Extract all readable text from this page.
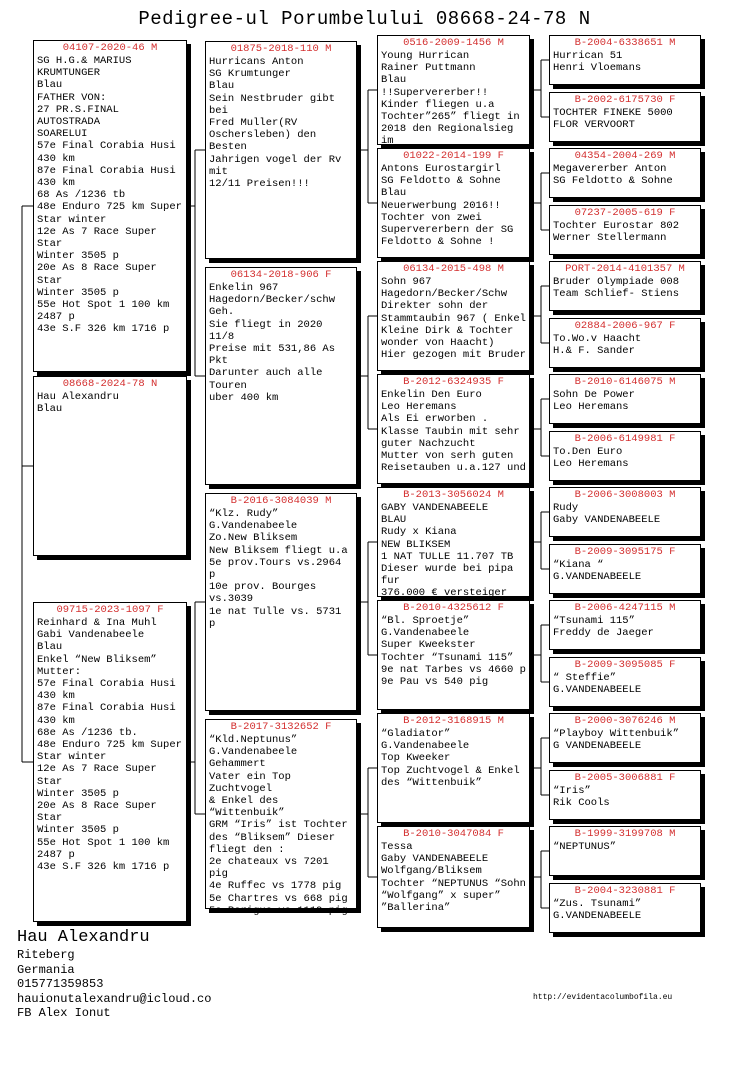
Pedigree-ul Porumbelului 08668-24-78 N
08668-2024-78 N
Hau Alexandru
Blau
04107-2020-46 M
SG H.G.& MARIUS
KRUMTUNGER
Blau
FATHER VON:
27 PR.S.FINAL AUTOSTRADA
SOARELUI
57e Final Corabia Husi
430 km
87e Final Corabia Husi
430 km
68 As /1236 tb
48e Enduro 725 km Super
Star winter
12e As 7 Race Super Star
Winter 3505 p
20e As 8 Race Super Star
Winter 3505 p
55e Hot Spot 1 100 km
2487 p
43e S.F 326 km 1716 p
09715-2023-1097 F
Reinhard & Ina Muhl
Gabi Vandenabeele
Blau
Enkel “New Bliksem”
Mutter:
57e Final Corabia Husi
430 km
87e Final Corabia Husi
430 km
68e As /1236 tb.
48e Enduro 725 km Super
Star winter
12e As 7 Race Super Star
Winter 3505 p
20e As 8 Race Super Star
Winter 3505 p
55e Hot Spot 1 100 km
2487 p
43e S.F 326 km 1716 p
01875-2018-110 M
Hurricans Anton
SG Krumtunger
Blau
Sein Nestbruder gibt bei
Fred Muller(RV
Oschersleben) den Besten
Jahrigen vogel der Rv
mit
12/11 Preisen!!!
06134-2018-906 F
Enkelin 967
Hagedorn/Becker/schw
Geh.
Sie fliegt in 2020 11/8
Preise mit 531,86 As Pkt
Darunter auch alle
Touren
uber 400 km
B-2016-3084039 M
“Klz. Rudy”
G.Vandenabeele
Zo.New Bliksem
New Bliksem fliegt u.a
5e prov.Tours vs.2964 p
10e prov. Bourges
vs.3039
1e nat Tulle vs. 5731 p
B-2017-3132652 F
“Kld.Neptunus”
G.Vandenabeele
Gehammert
Vater ein Top Zuchtvogel
& Enkel des “Wittenbuik”
GRM “Iris” ist Tochter
des “Bliksem” Dieser
fliegt den :
2e chateaux vs 7201 pig
4e Ruffec vs 1778 pig
5e Chartres vs 668 pig
5e Perigue vs 1119 pig
0516-2009-1456 M
Young Hurrican
Rainer Puttmann
Blau
!!Supervererber!!
Kinder fliegen u.a
Tochter”265” fliegt in
2018 den Regionalsieg im
01022-2014-199 F
Antons Eurostargirl
SG Feldotto & Sohne
Blau
Neuerwerbung 2016!!
Tochter von zwei
Supervererbern der SG
Feldotto & Sohne !
06134-2015-498 M
Sohn 967
Hagedorn/Becker/Schw
Direkter sohn der
Stammtaubin 967 ( Enkel
Kleine Dirk & Tochter
wonder von Haacht)
Hier gezogen mit Bruder
B-2012-6324935 F
Enkelin Den Euro
Leo Heremans
Als Ei erworben .
Klasse Taubin mit sehr
guter Nachzucht
Mutter von serh guten
Reisetauben u.a.127 und
B-2013-3056024 M
GABY VANDENABEELE
BLAU
Rudy x Kiana
NEW BLIKSEM
1 NAT TULLE 11.707 TB
Dieser wurde bei pipa
fur
376.000 € versteiger
B-2010-4325612 F
“Bl. Sproetje”
G.Vandenabeele
Super Kweekster
Tochter “Tsunami 115”
9e nat Tarbes vs 4660 p
9e Pau vs 540 pig
B-2012-3168915 M
“Gladiator”
G.Vandenabeele
Top Kweeker
Top Zuchtvogel & Enkel
des “Wittenbuik”
B-2010-3047084 F
Tessa
Gaby VANDENABEELE
Wolfgang/Bliksem
Tochter “NEPTUNUS “Sohn
“Wolfgang” x super”
”Ballerina”
B-2004-6338651 M
Hurrican 51
Henri Vloemans
B-2002-6175730 F
TOCHTER FINEKE 5000
FLOR VERVOORT
04354-2004-269 M
Megavererber Anton
SG Feldotto & Sohne
07237-2005-619 F
Tochter Eurostar 802
Werner Stellermann
PORT-2014-4101357 M
Bruder Olympiade 008
Team Schlief- Stiens
02884-2006-967 F
To.Wo.v Haacht
H.& F. Sander
B-2010-6146075 M
Sohn De Power
Leo Heremans
B-2006-6149981 F
To.Den Euro
Leo Heremans
B-2006-3008003 M
Rudy
Gaby VANDENABEELE
B-2009-3095175 F
“Kiana “
G.VANDENABEELE
B-2006-4247115 M
“Tsunami 115”
Freddy de Jaeger
B-2009-3095085 F
“ Steffie”
G.VANDENABEELE
B-2000-3076246 M
“Playboy Wittenbuik”
G VANDENABEELE
B-2005-3006881 F
“Iris”
Rik Cools
B-1999-3199708 M
“NEPTUNUS”
B-2004-3230881 F
“Zus. Tsunami”
G.VANDENABEELE
Hau Alexandru
Riteberg
Germania
015771359853
hauionutalexandru@icloud.co
FB Alex Ionut
http://evidentacolumbofila.eu
